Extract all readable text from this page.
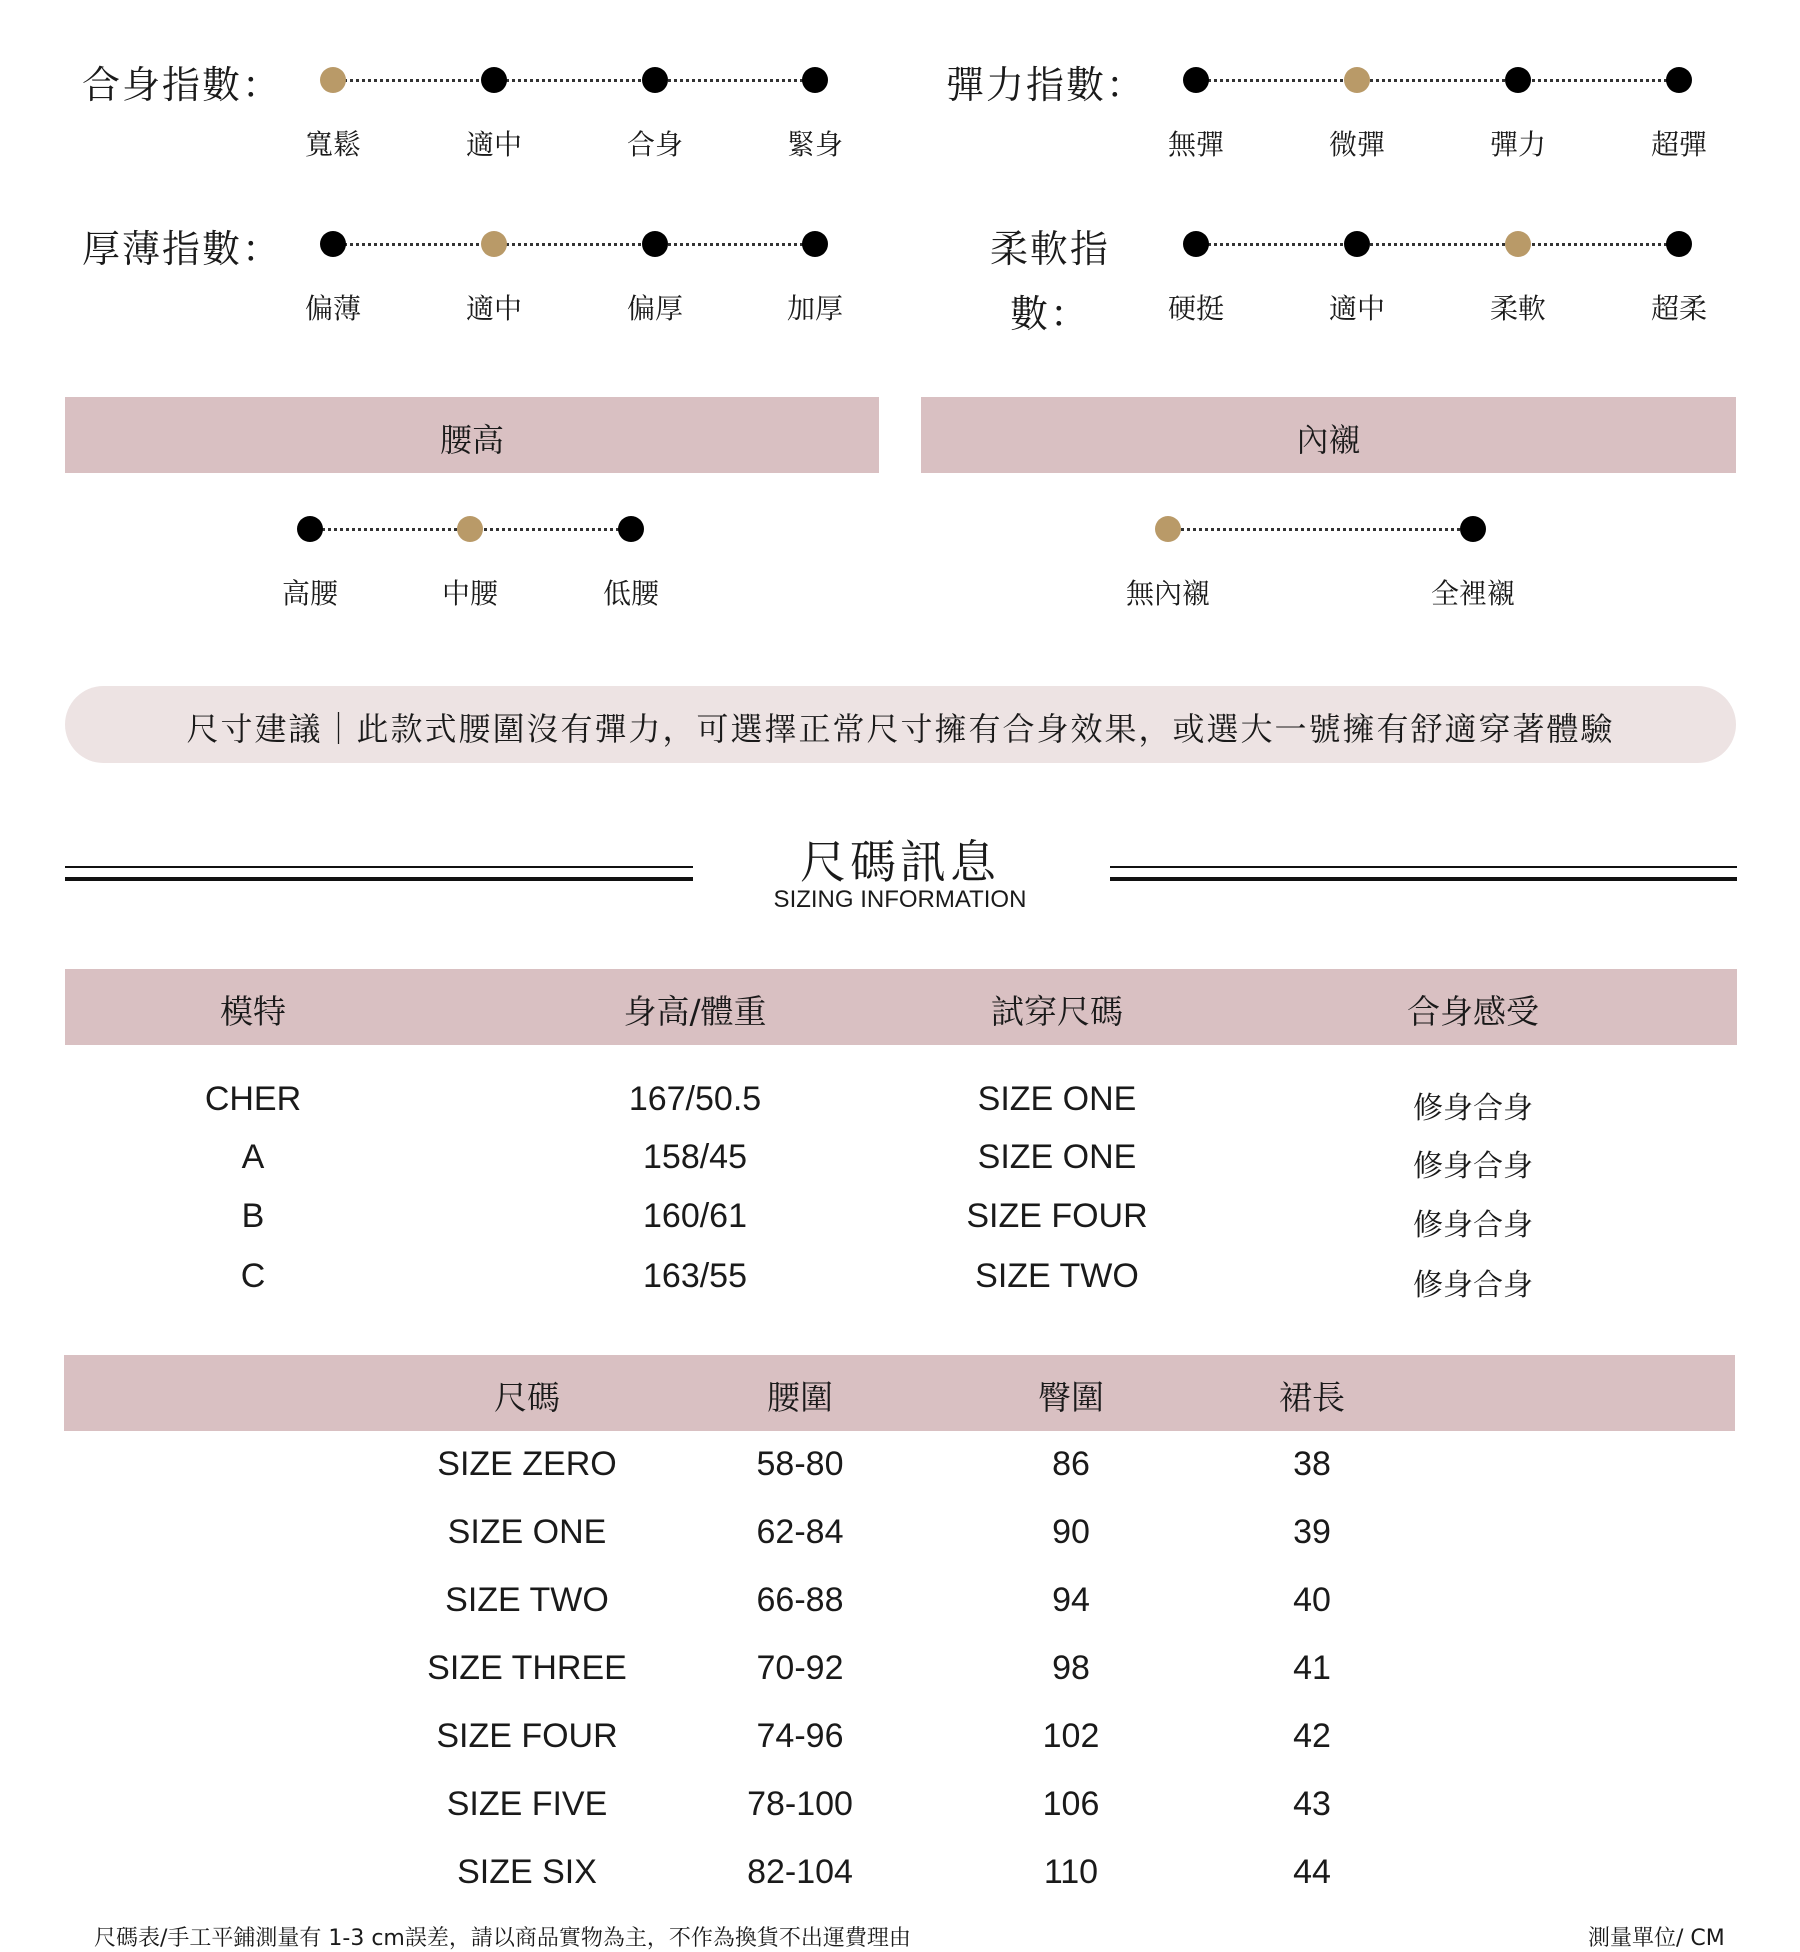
合身指數：
寬鬆	適中	合身	緊身
彈力指數：
無彈	微彈	彈力	超彈
厚薄指數：
偏薄	適中	偏厚	加厚
柔軟指
數：	硬挺	適中	柔軟	超柔
腰高	內襯
高腰	中腰	低腰	無內襯	全裡襯
尺寸建議｜此款式腰圍沒有彈力，可選擇正常尺寸擁有合身效果，或選大一號擁有舒適穿著體驗
尺碼訊息
SIZING INFORMATION
模特	身高/體重	試穿尺碼	合身感受
CHER	167/50.5	SIZE ONE	修身合身
A	158/45	SIZE ONE	修身合身
B	160/61	SIZE FOUR	修身合身
C	163/55	SIZE TWO	修身合身
尺碼	腰圍	臀圍	裙長
SIZE ZERO	58-80	86	38
SIZE ONE	62-84	90	39
SIZE TWO	66-88	94	40
SIZE THREE	70-92	98	41
SIZE FOUR	74-96	102	42
SIZE FIVE	78-100	106	43
SIZE SIX	82-104	110	44
尺碼表/手工平鋪測量有 1-3 cm誤差，請以商品實物為主，不作為換貨不出運費理由	測量單位/ CM
